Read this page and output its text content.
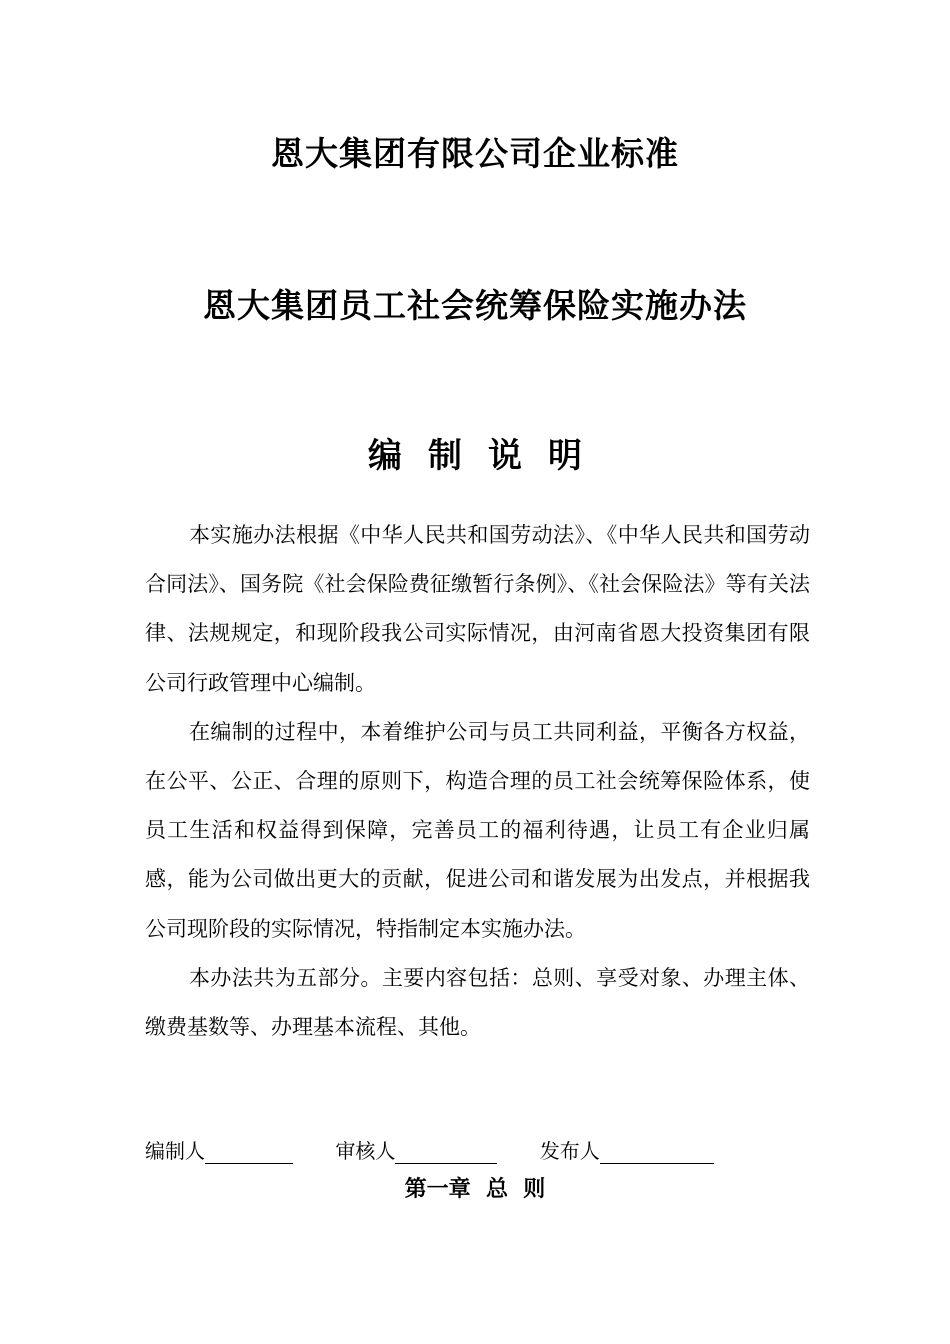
恩大集团有限公司企业标准
恩大集团员工社会统筹保险实施办法
编制说明

本实施办法根据《中华人民共和国劳动法》、《中华人民共和国劳动合同法》、国务院《社会保险费征缴暂行条例》、《社会保险法》等有关法律、法规规定，和现阶段我公司实际情况，由河南省恩大投资集团有限公司行政管理中心编制。

在编制的过程中，本着维护公司与员工共同利益，平衡各方权益，在公平、公正、合理的原则下，构造合理的员工社会统筹保险体系，使员工生活和权益得到保障，完善员工的福利待遇，让员工有企业归属感，能为公司做出更大的贡献，促进公司和谐发展为出发点，并根据我公司现阶段的实际情况，特指制定本实施办法。

本办法共为五部分。主要内容包括：总则、享受对象、办理主体、缴费基数等、办理基本流程、其他。

编制人	审核人	发布人
第一章  总  则
